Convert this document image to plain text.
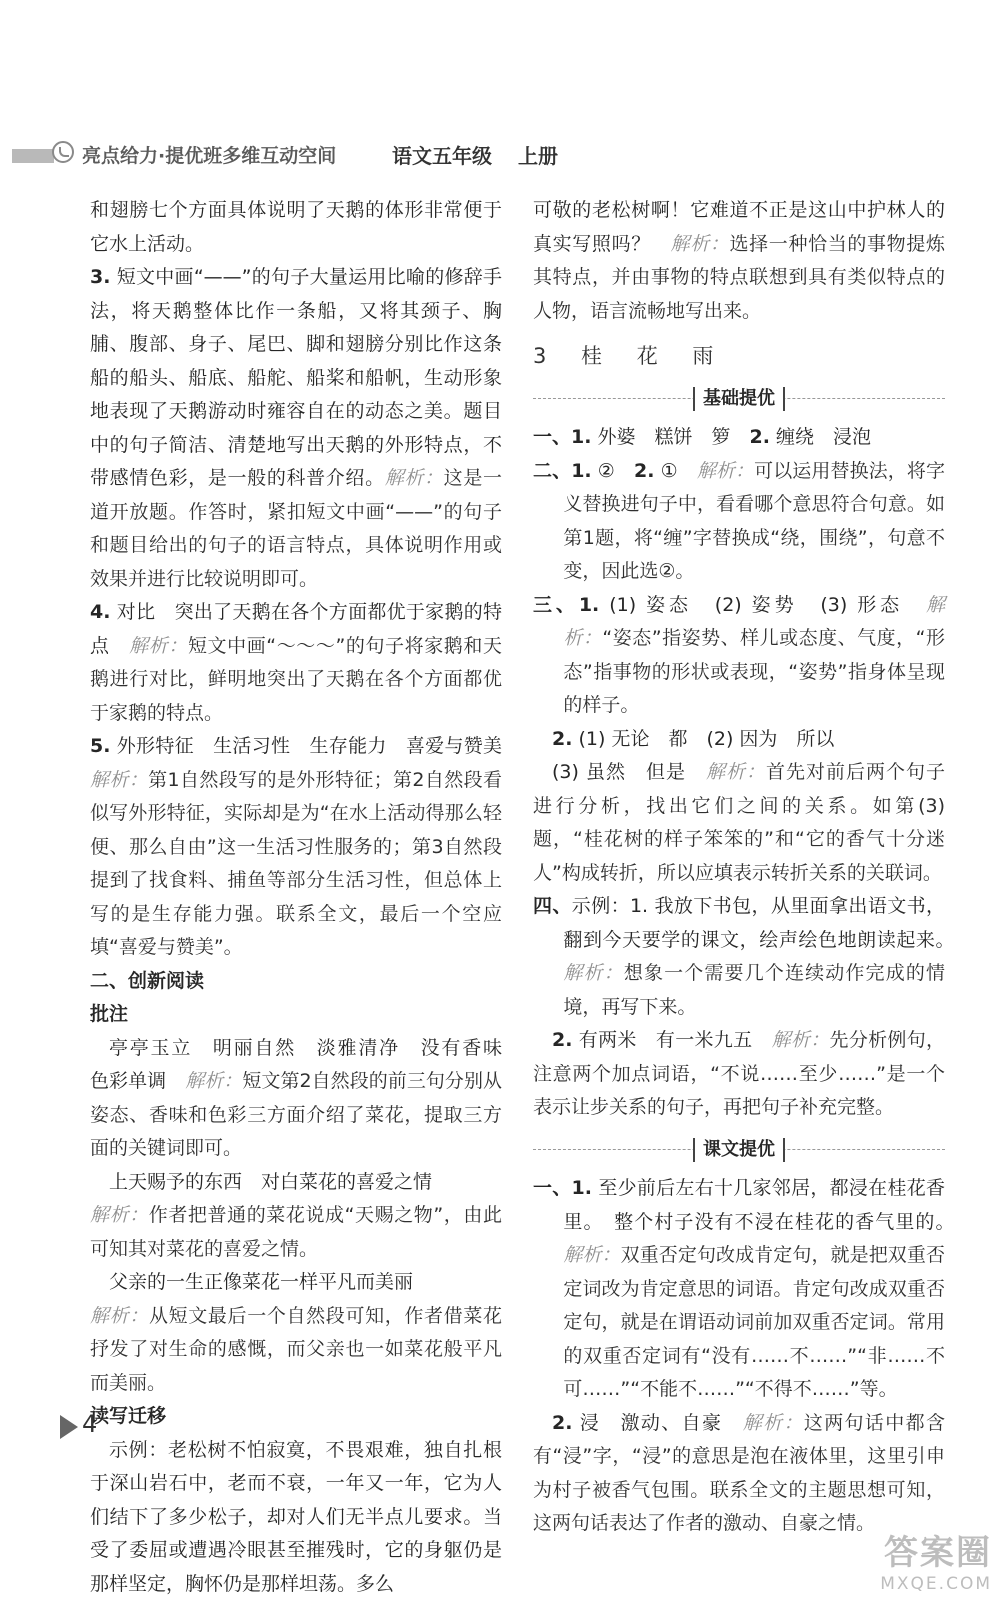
亮点给力·提优班多维互动空间	语文五年级 上册

和翅膀七个方面具体说明了天鹅的体形非常便于它水上活动。

3. 短文中画“——”的句子大量运用比喻的修辞手法，将天鹅整体比作一条船，又将其颈子、胸脯、腹部、身子、尾巴、脚和翅膀分别比作这条船的船头、船底、船舵、船桨和船帆，生动形象地表现了天鹅游动时雍容自在的动态之美。题目中的句子简洁、清楚地写出天鹅的外形特点，不带感情色彩，是一般的科普介绍。解析：这是一道开放题。作答时，紧扣短文中画“——”的句子和题目给出的句子的语言特点，具体说明作用或效果并进行比较说明即可。

4. 对比　突出了天鹅在各个方面都优于家鹅的特点　解析：短文中画“～～～”的句子将家鹅和天鹅进行对比，鲜明地突出了天鹅在各个方面都优于家鹅的特点。

5. 外形特征　生活习性　生存能力　喜爱与赞美　解析：第1自然段写的是外形特征；第2自然段看似写外形特征，实际却是为“在水上活动得那么轻便、那么自由”这一生活习性服务的；第3自然段提到了找食料、捕鱼等部分生活习性，但总体上写的是生存能力强。联系全文，最后一个空应填“喜爱与赞美”。

二、创新阅读

批注

亭亭玉立　明丽自然　淡雅清净　没有香味　色彩单调　解析：短文第2自然段的前三句分别从姿态、香味和色彩三方面介绍了菜花，提取三方面的关键词即可。

上天赐予的东西　对白菜花的喜爱之情

解析：作者把普通的菜花说成“天赐之物”，由此可知其对菜花的喜爱之情。

父亲的一生正像菜花一样平凡而美丽

解析：从短文最后一个自然段可知，作者借菜花抒发了对生命的感慨，而父亲也一如菜花般平凡而美丽。

读写迁移

示例：老松树不怕寂寞，不畏艰难，独自扎根于深山岩石中，老而不衰，一年又一年，它为人们结下了多少松子，却对人们无半点儿要求。当受了委屈或遭遇冷眼甚至摧残时，它的身躯仍是那样坚定，胸怀仍是那样坦荡。多么

可敬的老松树啊！它难道不正是这山中护林人的真实写照吗？　 解析：选择一种恰当的事物提炼其特点，并由事物的特点联想到具有类似特点的人物，语言流畅地写出来。

3 桂 花 雨

基础提优

一、1. 外婆　糕饼　箩　2. 缠绕　浸泡

二、1. ②　2. ①　解析：可以运用替换法，将字义替换进句子中，看看哪个意思符合句意。如第1题，将“缠”字替换成“绕，围绕”，句意不变，因此选②。

三、1. (1) 姿态　(2) 姿势　(3) 形态　解析：“姿态”指姿势、样儿或态度、气度，“形态”指事物的形状或表现，“姿势”指身体呈现的样子。

2. (1) 无论　都　(2) 因为　所以

(3) 虽然　但是　解析：首先对前后两个句子进行分析，找出它们之间的关系。如第(3)题，“桂花树的样子笨笨的”和“它的香气十分迷人”构成转折，所以应填表示转折关系的关联词。

四、示例：1. 我放下书包，从里面拿出语文书，翻到今天要学的课文，绘声绘色地朗读起来。　解析：想象一个需要几个连续动作完成的情境，再写下来。

2. 有两米　有一米九五　解析：先分析例句，注意两个加点词语，“不说……至少……”是一个表示让步关系的句子，再把句子补充完整。

课文提优

一、1. 至少前后左右十几家邻居，都浸在桂花香里。　整个村子没有不浸在桂花的香气里的。　解析：双重否定句改成肯定句，就是把双重否定词改为肯定意思的词语。肯定句改成双重否定句，就是在谓语动词前加双重否定词。常用的双重否定词有“没有……不……”“非……不可……”“不能不……”“不得不……”等。

2. 浸　激动、自豪　解析：这两句话中都含有“浸”字，“浸”的意思是泡在液体里，这里引申为村子被香气包围。联系全文的主题思想可知，这两句话表达了作者的激动、自豪之情。

4
答案圈
MXQE.COM
